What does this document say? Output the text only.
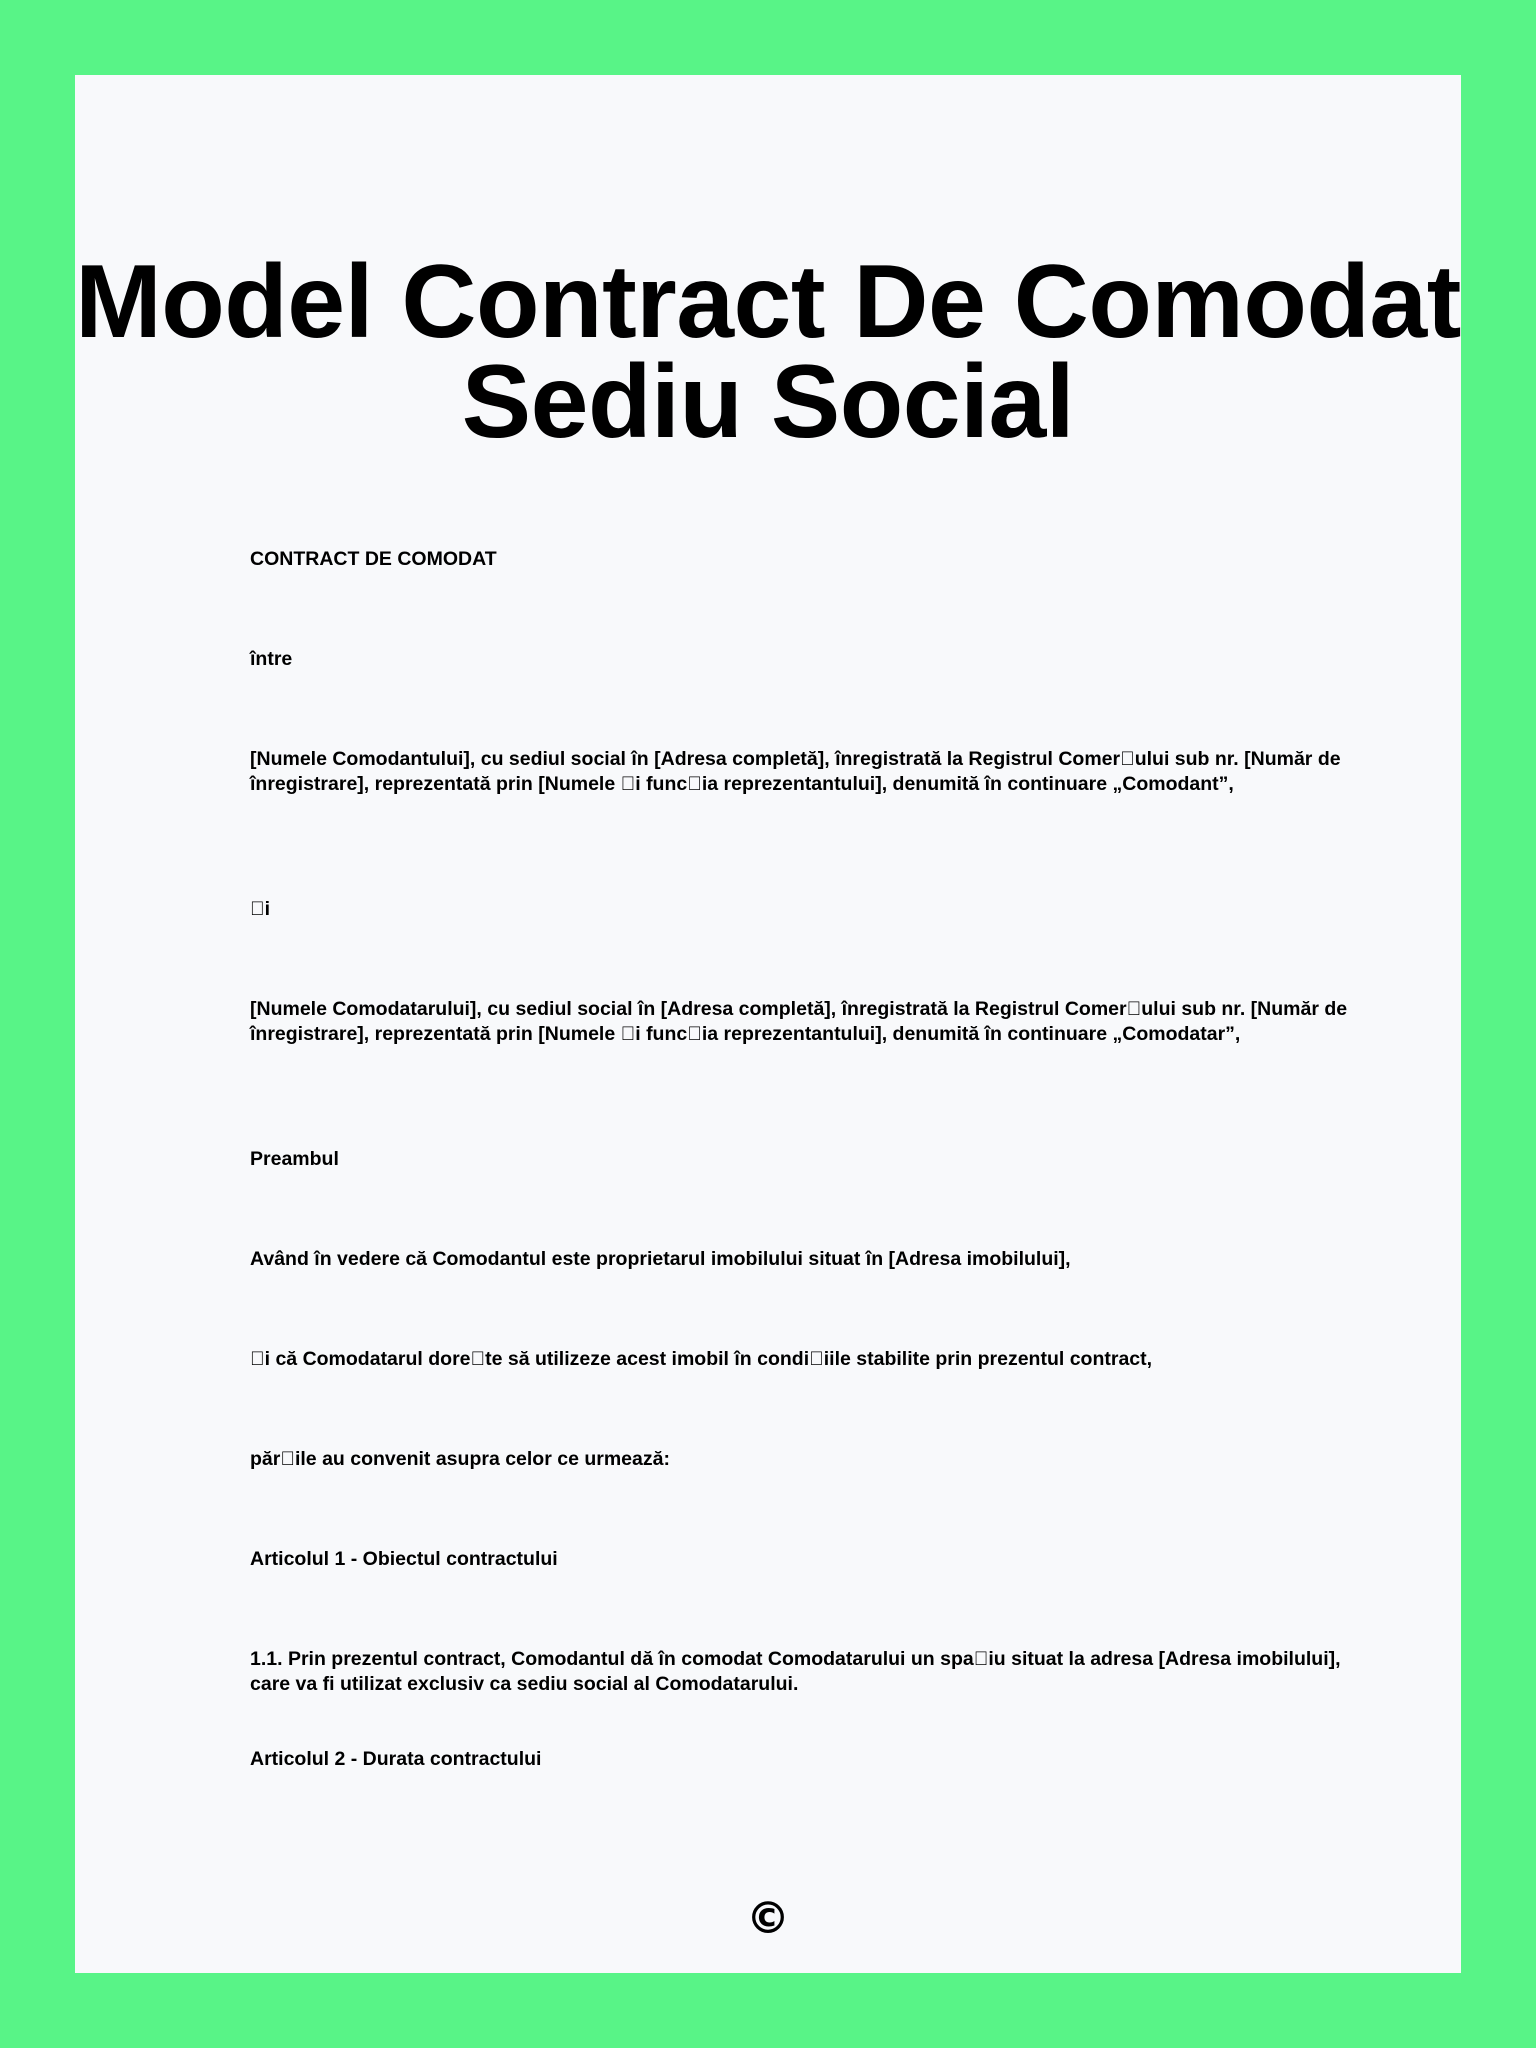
Model Contract De Comodat Sediu Social

CONTRACT DE COMODAT

între

[Numele Comodantului], cu sediul social în [Adresa completă], înregistrată la Registrul Comer ului sub nr. [Număr de înregistrare], reprezentată prin [Numele  i func ia reprezentantului], denumită în continuare „Comodant”,

 i

[Numele Comodatarului], cu sediul social în [Adresa completă], înregistrată la Registrul Comer ului sub nr. [Număr de înregistrare], reprezentată prin [Numele  i func ia reprezentantului], denumită în continuare „Comodatar”,

Preambul

Având în vedere că Comodantul este proprietarul imobilului situat în [Adresa imobilului],

 i că Comodatarul dore te să utilizeze acest imobil în condi iile stabilite prin prezentul contract,

păr ile au convenit asupra celor ce urmează:

Articolul 1 - Obiectul contractului

1.1. Prin prezentul contract, Comodantul dă în comodat Comodatarului un spa iu situat la adresa [Adresa imobilului], care va fi utilizat exclusiv ca sediu social al Comodatarului.

Articolul 2 - Durata contractului

©
